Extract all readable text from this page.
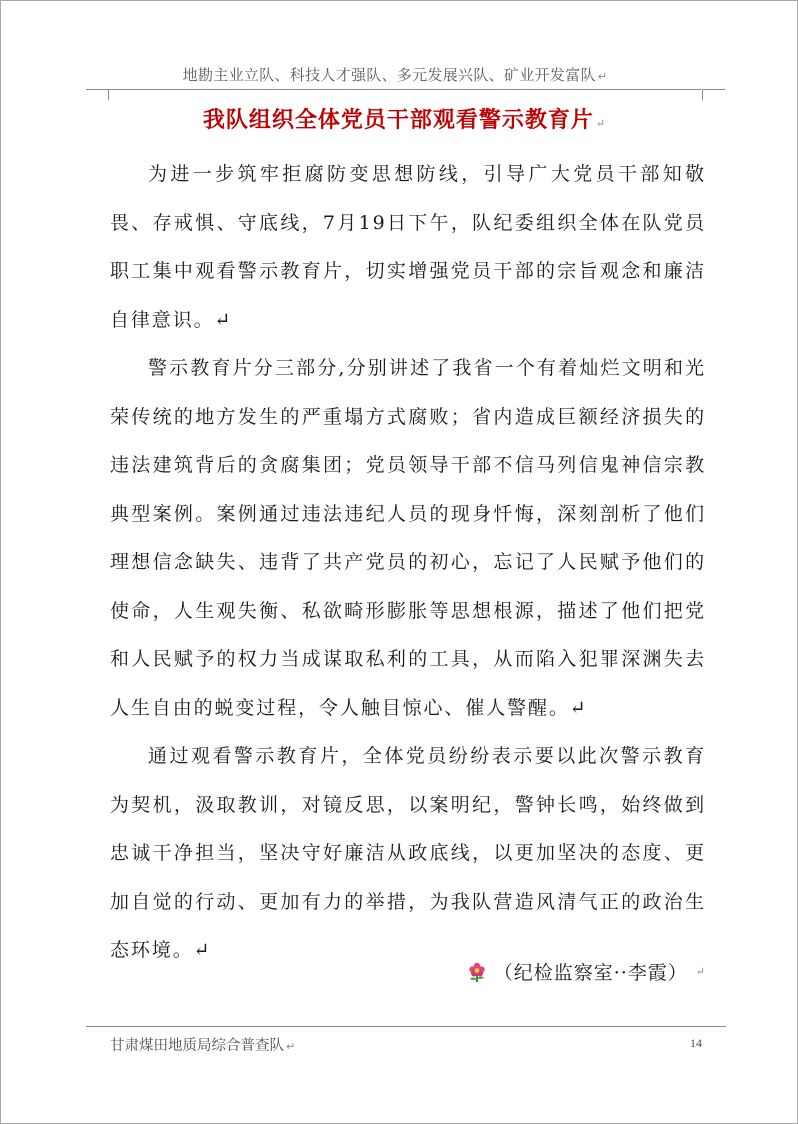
地勘主业立队、科技人才强队、多元发展兴队、矿业开发富队 ↵
我队组织全体党员干部观看警示教育片 ↵

为进一步筑牢拒腐防变思想防线，引导广大党员干部知敬畏、存戒惧、守底线，7月19日下午，队纪委组织全体在队党员职工集中观看警示教育片，切实增强党员干部的宗旨观念和廉洁自律意识。↵

警示教育片分三部分,分别讲述了我省一个有着灿烂文明和光荣传统的地方发生的严重塌方式腐败；省内造成巨额经济损失的违法建筑背后的贪腐集团；党员领导干部不信马列信鬼神信宗教典型案例。案例通过违法违纪人员的现身忏悔，深刻剖析了他们理想信念缺失、违背了共产党员的初心，忘记了人民赋予他们的使命，人生观失衡、私欲畸形膨胀等思想根源，描述了他们把党和人民赋予的权力当成谋取私利的工具，从而陷入犯罪深渊失去人生自由的蜕变过程，令人触目惊心、催人警醒。↵

通过观看警示教育片，全体党员纷纷表示要以此次警示教育为契机，汲取教训，对镜反思，以案明纪，警钟长鸣，始终做到忠诚干净担当，坚决守好廉洁从政底线，以更加坚决的态度、更加自觉的行动、更加有力的举措，为我队营造风清气正的政治生态环境。↵

（纪检监察室··李霞） ↵
甘肃煤田地质局综合普查队 ↵	14
